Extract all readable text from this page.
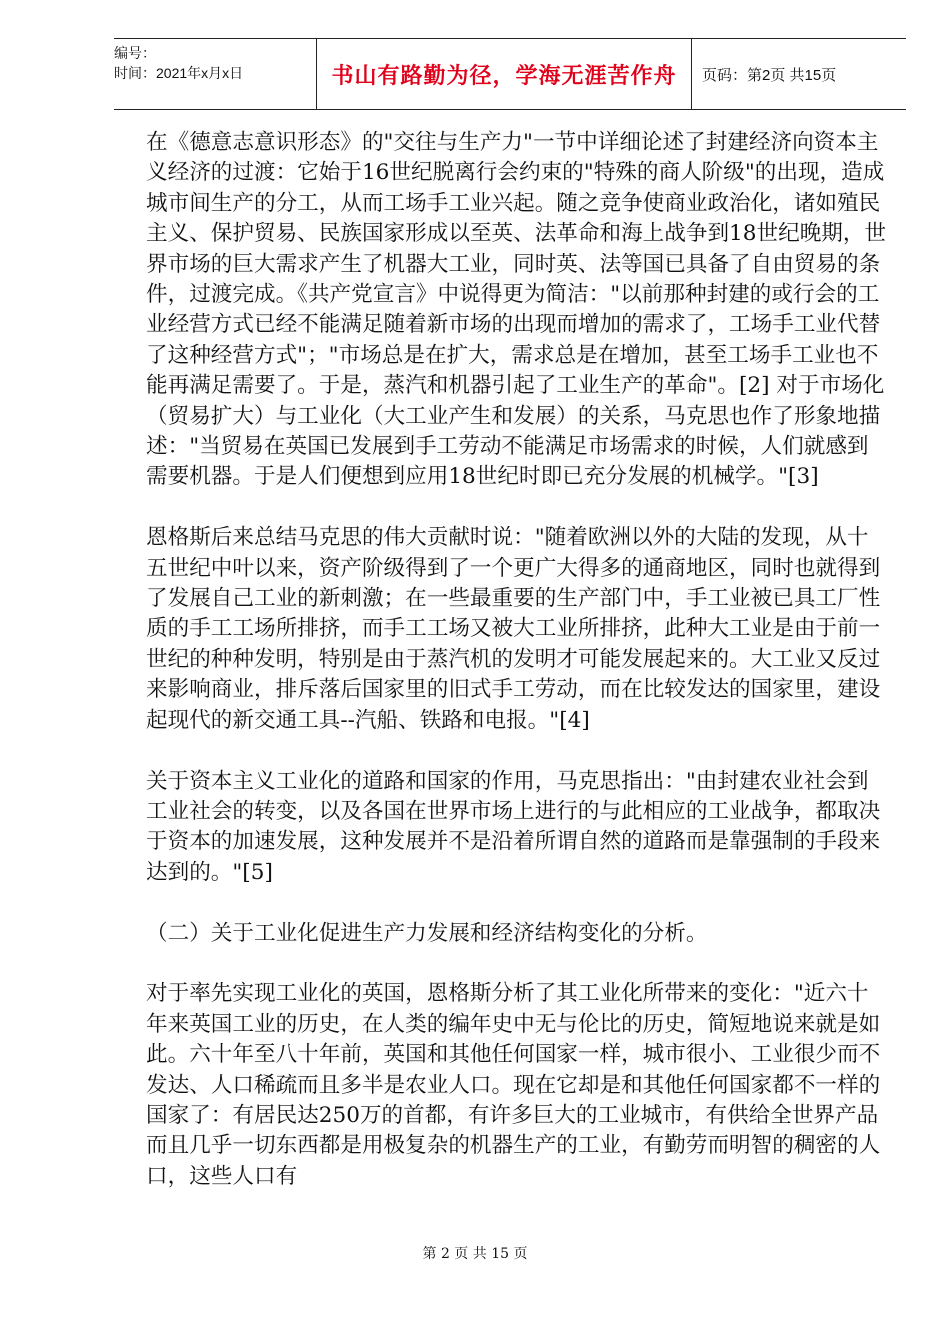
编号：
时间：2021年x月x日	书山有路勤为径，学海无涯苦作舟	页码：第2页 共15页

在《德意志意识形态》的"交往与生产力"一节中详细论述了封建经济向资本主义经济的过渡：它始于16世纪脱离行会约束的"特殊的商人阶级"的出现，造成城市间生产的分工，从而工场手工业兴起。随之竞争使商业政治化，诸如殖民主义、保护贸易、民族国家形成以至英、法革命和海上战争到18世纪晚期，世界市场的巨大需求产生了机器大工业，同时英、法等国已具备了自由贸易的条件，过渡完成。《共产党宣言》中说得更为简洁："以前那种封建的或行会的工业经营方式已经不能满足随着新市场的出现而增加的需求了，工场手工业代替了这种经营方式"；"市场总是在扩大，需求总是在增加，甚至工场手工业也不能再满足需要了。于是，蒸汽和机器引起了工业生产的革命"。[2] 对于市场化（贸易扩大）与工业化（大工业产生和发展）的关系，马克思也作了形象地描述："当贸易在英国已发展到手工劳动不能满足市场需求的时候，人们就感到需要机器。于是人们便想到应用18世纪时即已充分发展的机械学。"[3]

恩格斯后来总结马克思的伟大贡献时说："随着欧洲以外的大陆的发现，从十五世纪中叶以来，资产阶级得到了一个更广大得多的通商地区，同时也就得到了发展自己工业的新刺激；在一些最重要的生产部门中，手工业被已具工厂性质的手工工场所排挤，而手工工场又被大工业所排挤，此种大工业是由于前一世纪的种种发明，特别是由于蒸汽机的发明才可能发展起来的。大工业又反过来影响商业，排斥落后国家里的旧式手工劳动，而在比较发达的国家里，建设起现代的新交通工具--汽船、铁路和电报。"[4]

关于资本主义工业化的道路和国家的作用，马克思指出："由封建农业社会到工业社会的转变，以及各国在世界市场上进行的与此相应的工业战争，都取决于资本的加速发展，这种发展并不是沿着所谓自然的道路而是靠强制的手段来达到的。"[5]

（二）关于工业化促进生产力发展和经济结构变化的分析。

对于率先实现工业化的英国，恩格斯分析了其工业化所带来的变化："近六十年来英国工业的历史，在人类的编年史中无与伦比的历史，简短地说来就是如此。六十年至八十年前，英国和其他任何国家一样，城市很小、工业很少而不发达、人口稀疏而且多半是农业人口。现在它却是和其他任何国家都不一样的国家了：有居民达250万的首都，有许多巨大的工业城市，有供给全世界产品而且几乎一切东西都是用极复杂的机器生产的工业，有勤劳而明智的稠密的人口，这些人口有

第 2 页 共 15 页
